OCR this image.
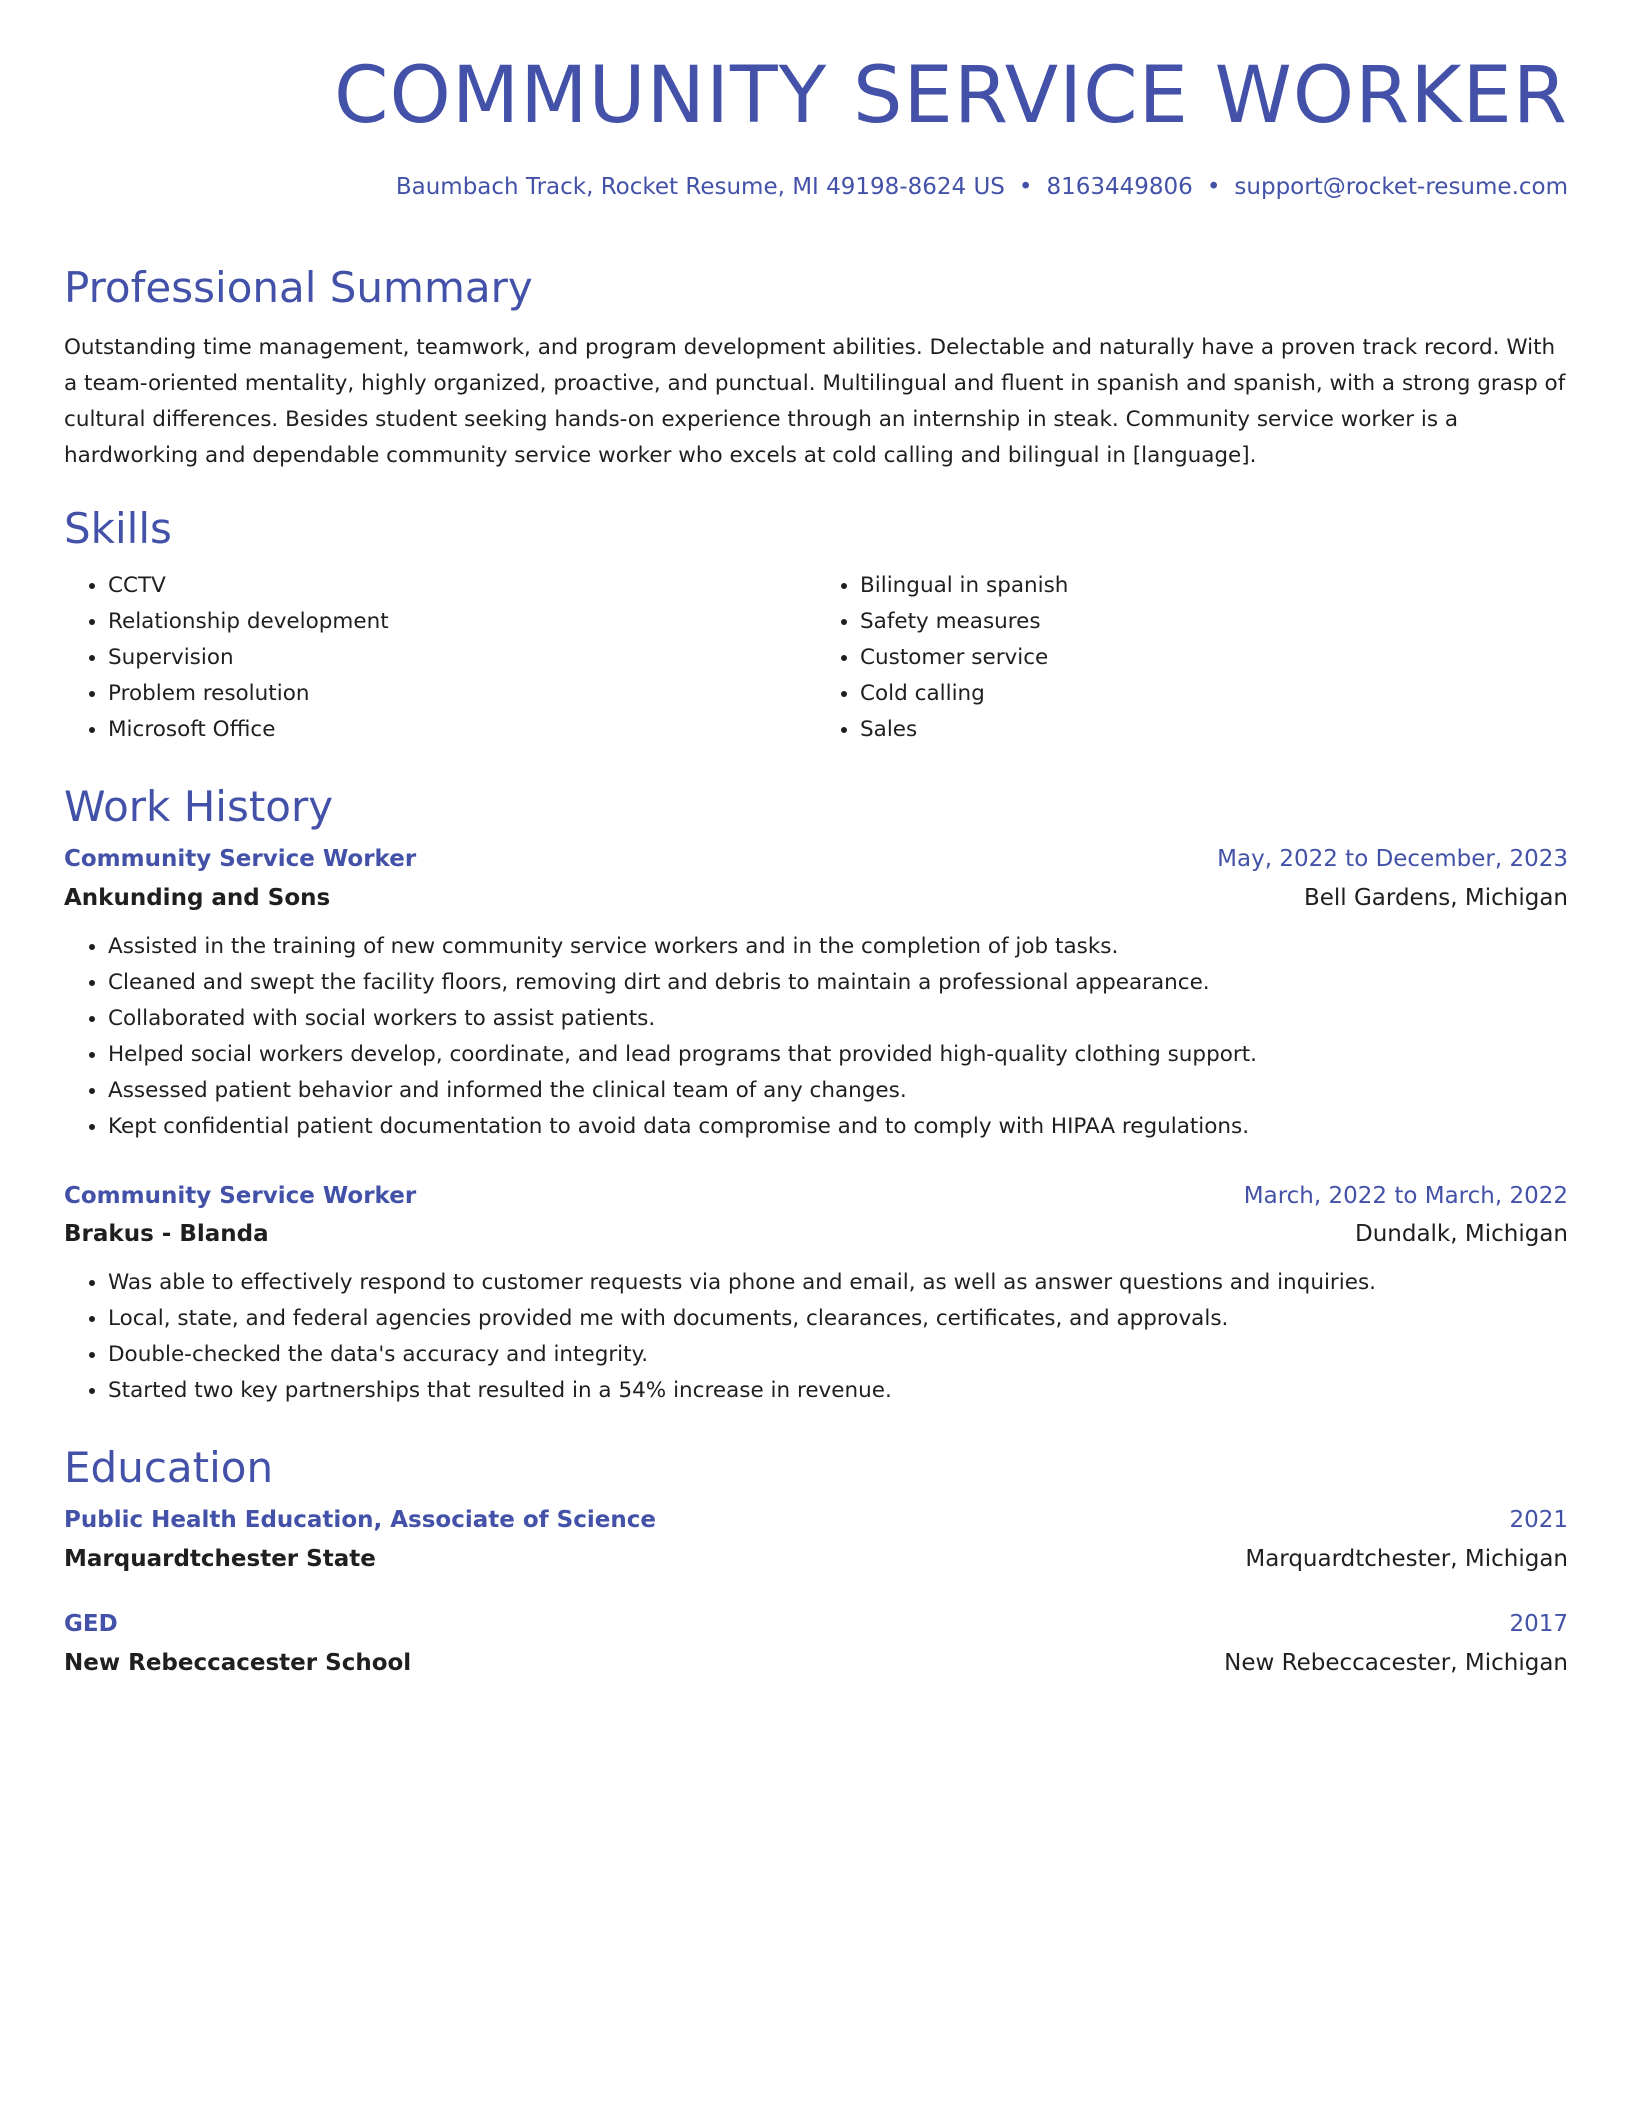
COMMUNITY SERVICE WORKER
Baumbach Track, Rocket Resume, MI 49198-8624 US • 8163449806 • support@rocket-resume.com
Professional Summary

Outstanding time management, teamwork, and program development abilities. Delectable and naturally have a proven track record. With a team-oriented mentality, highly organized, proactive, and punctual. Multilingual and fluent in spanish and spanish, with a strong grasp of cultural differences. Besides student seeking hands-on experience through an internship in steak. Community service worker is a hardworking and dependable community service worker who excels at cold calling and bilingual in [language].

Skills
• CCTV
• Relationship development
• Supervision
• Problem resolution
• Microsoft Office
• Bilingual in spanish
• Safety measures
• Customer service
• Cold calling
• Sales
Work History
Community Service Worker	May, 2022 to December, 2023
Ankunding and Sons	Bell Gardens, Michigan
• Assisted in the training of new community service workers and in the completion of job tasks.
• Cleaned and swept the facility floors, removing dirt and debris to maintain a professional appearance.
• Collaborated with social workers to assist patients.
• Helped social workers develop, coordinate, and lead programs that provided high-quality clothing support.
• Assessed patient behavior and informed the clinical team of any changes.
• Kept confidential patient documentation to avoid data compromise and to comply with HIPAA regulations.
Community Service Worker	March, 2022 to March, 2022
Brakus - Blanda	Dundalk, Michigan
• Was able to effectively respond to customer requests via phone and email, as well as answer questions and inquiries.
• Local, state, and federal agencies provided me with documents, clearances, certificates, and approvals.
• Double-checked the data's accuracy and integrity.
• Started two key partnerships that resulted in a 54% increase in revenue.
Education
Public Health Education, Associate of Science	2021
Marquardtchester State	Marquardtchester, Michigan
GED	2017
New Rebeccacester School	New Rebeccacester, Michigan
